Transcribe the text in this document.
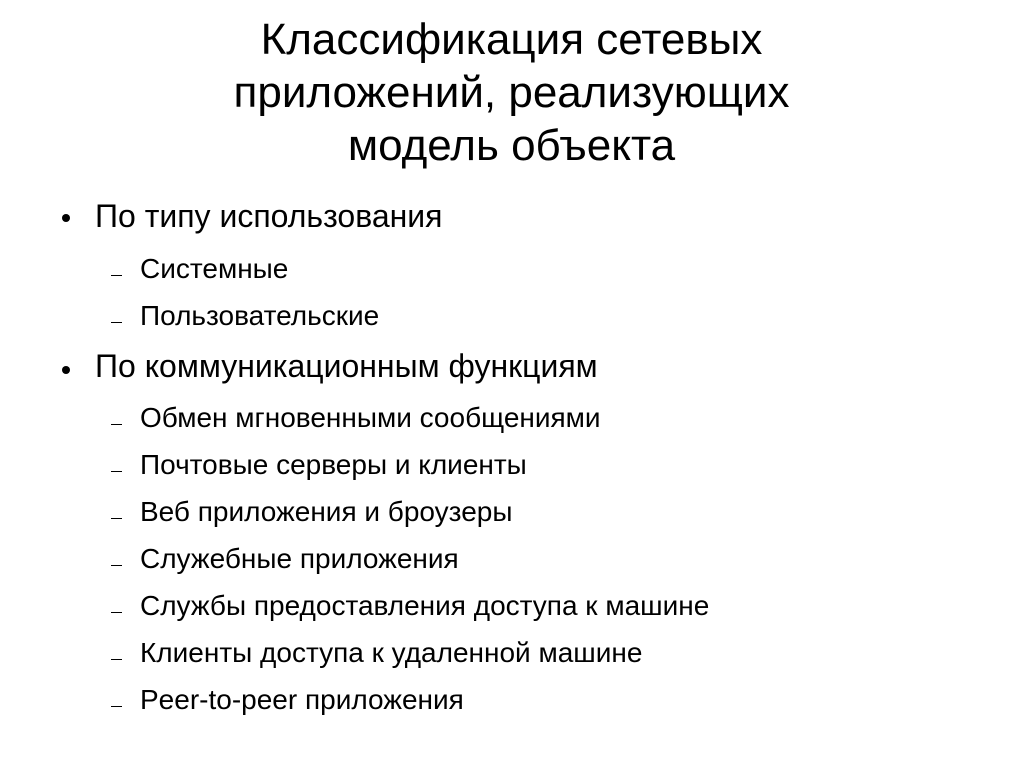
Классификация сетевых
приложений, реализующих
модель объекта
По типу использования
Системные
Пользовательские
По коммуникационным функциям
Обмен мгновенными сообщениями
Почтовые серверы и клиенты
Веб приложения и броузеры
Служебные приложения
Службы предоставления доступа к машине
Клиенты доступа к удаленной машине
Peer-to-peer приложения
